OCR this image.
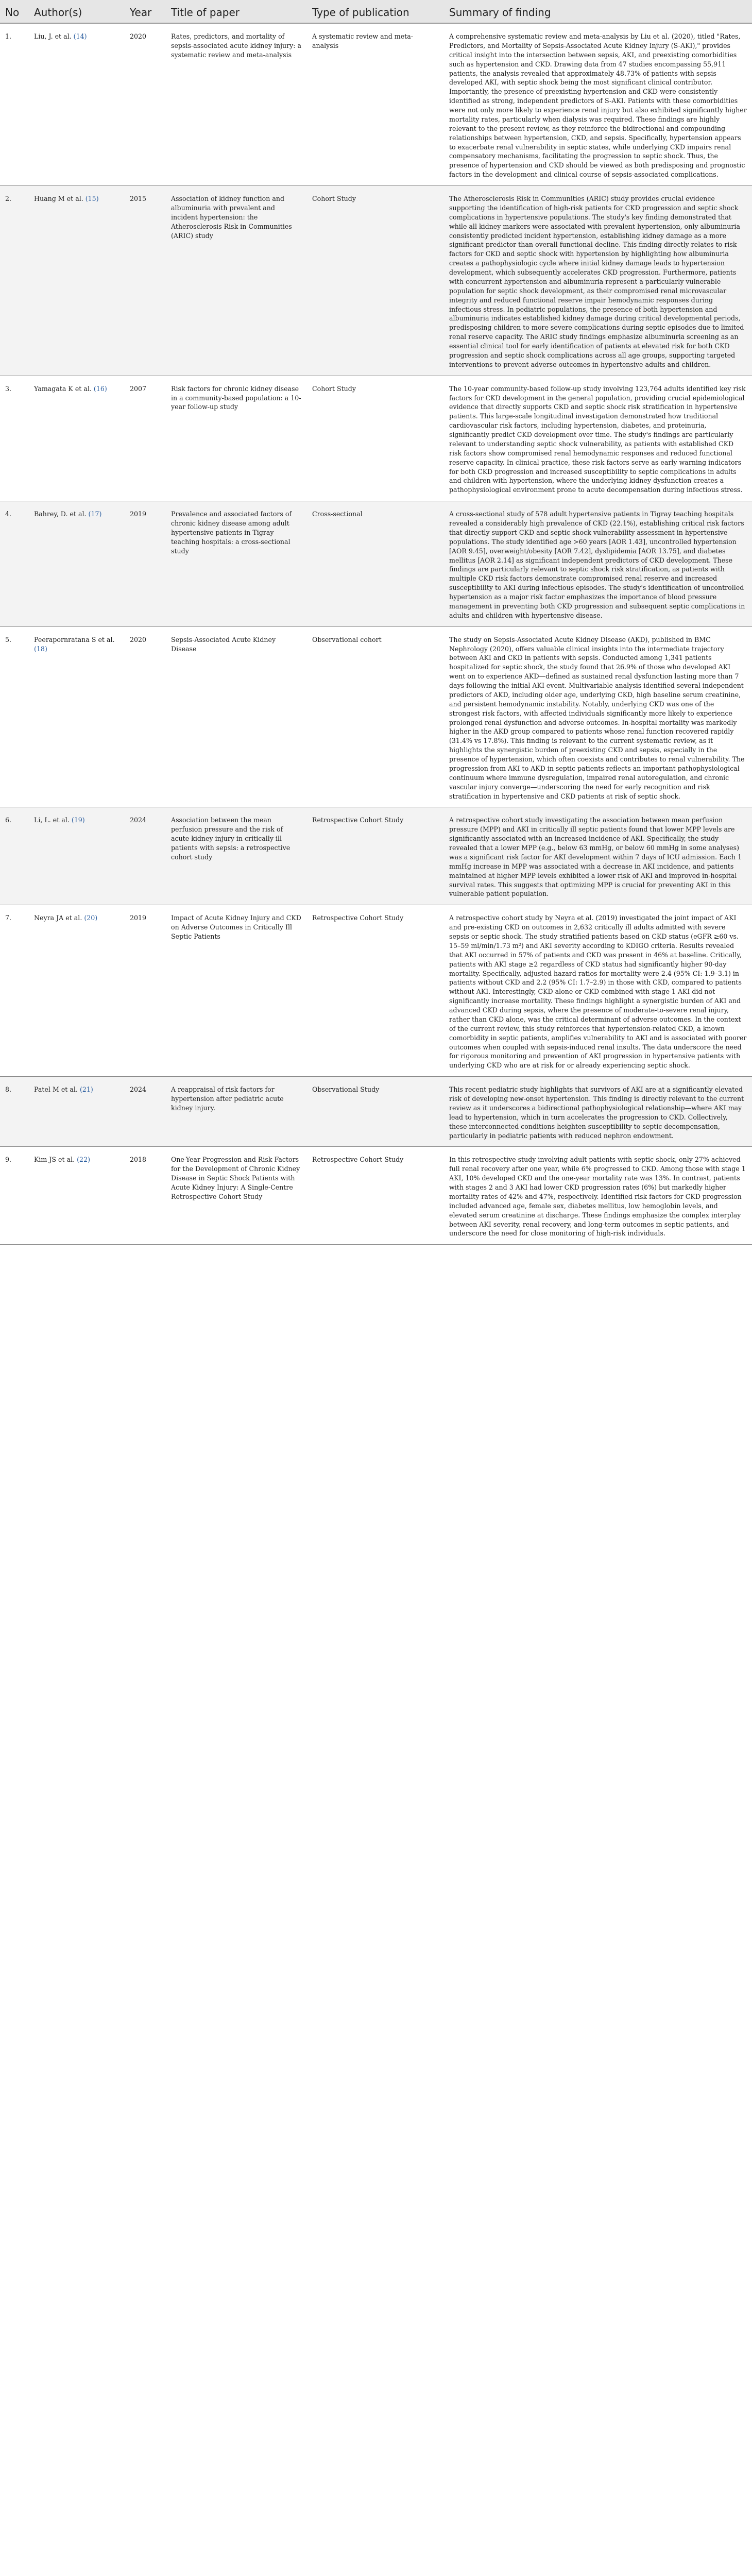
No	Author(s)	Year	Title of paper	Type of publication	Summary of finding
1.	Liu, J. et al. (14)	2020	Rates, predictors, and mortality of sepsis-associated acute kidney injury: a systematic review and meta-analysis	A systematic review and meta-analysis	A comprehensive systematic review and meta-analysis by Liu et al. (2020), titled "Rates, Predictors, and Mortality of Sepsis-Associated Acute Kidney Injury (S-AKI)," provides critical insight into the intersection between sepsis, AKI, and preexisting comorbidities such as hypertension and CKD. Drawing data from 47 studies encompassing 55,911 patients, the analysis revealed that approximately 48.73% of patients with sepsis developed AKI, with septic shock being the most significant clinical contributor. Importantly, the presence of preexisting hypertension and CKD were consistently identified as strong, independent predictors of S-AKI. Patients with these comorbidities were not only more likely to experience renal injury but also exhibited significantly higher mortality rates, particularly when dialysis was required. These findings are highly relevant to the present review, as they reinforce the bidirectional and compounding relationships between hypertension, CKD, and sepsis. Specifically, hypertension appears to exacerbate renal vulnerability in septic states, while underlying CKD impairs renal compensatory mechanisms, facilitating the progression to septic shock. Thus, the presence of hypertension and CKD should be viewed as both predisposing and prognostic factors in the development and clinical course of sepsis-associated complications.
2.	Huang M et al. (15)	2015	Association of kidney function and albuminuria with prevalent and incident hypertension: the Atherosclerosis Risk in Communities (ARIC) study	Cohort Study	The Atherosclerosis Risk in Communities (ARIC) study provides crucial evidence supporting the identification of high-risk patients for CKD progression and septic shock complications in hypertensive populations. The study's key finding demonstrated that while all kidney markers were associated with prevalent hypertension, only albuminuria consistently predicted incident hypertension, establishing kidney damage as a more significant predictor than overall functional decline. This finding directly relates to risk factors for CKD and septic shock with hypertension by highlighting how albuminuria creates a pathophysiologic cycle where initial kidney damage leads to hypertension development, which subsequently accelerates CKD progression. Furthermore, patients with concurrent hypertension and albuminuria represent a particularly vulnerable population for septic shock development, as their compromised renal microvascular integrity and reduced functional reserve impair hemodynamic responses during infectious stress. In pediatric populations, the presence of both hypertension and albuminuria indicates established kidney damage during critical developmental periods, predisposing children to more severe complications during septic episodes due to limited renal reserve capacity. The ARIC study findings emphasize albuminuria screening as an essential clinical tool for early identification of patients at elevated risk for both CKD progression and septic shock complications across all age groups, supporting targeted interventions to prevent adverse outcomes in hypertensive adults and children.
3.	Yamagata K et al. (16)	2007	Risk factors for chronic kidney disease in a community-based population: a 10-year follow-up study	Cohort Study	The 10-year community-based follow-up study involving 123,764 adults identified key risk factors for CKD development in the general population, providing crucial epidemiological evidence that directly supports CKD and septic shock risk stratification in hypertensive patients. This large-scale longitudinal investigation demonstrated how traditional cardiovascular risk factors, including hypertension, diabetes, and proteinuria, significantly predict CKD development over time. The study's findings are particularly relevant to understanding septic shock vulnerability, as patients with established CKD risk factors show compromised renal hemodynamic responses and reduced functional reserve capacity. In clinical practice, these risk factors serve as early warning indicators for both CKD progression and increased susceptibility to septic complications in adults and children with hypertension, where the underlying kidney dysfunction creates a pathophysiological environment prone to acute decompensation during infectious stress.
4.	Bahrey, D. et al. (17)	2019	Prevalence and associated factors of chronic kidney disease among adult hypertensive patients in Tigray teaching hospitals: a cross-sectional study	Cross-sectional	A cross-sectional study of 578 adult hypertensive patients in Tigray teaching hospitals revealed a considerably high prevalence of CKD (22.1%), establishing critical risk factors that directly support CKD and septic shock vulnerability assessment in hypertensive populations. The study identified age >60 years [AOR 1.43], uncontrolled hypertension [AOR 9.45], overweight/obesity [AOR 7.42], dyslipidemia [AOR 13.75], and diabetes mellitus [AOR 2.14] as significant independent predictors of CKD development. These findings are particularly relevant to septic shock risk stratification, as patients with multiple CKD risk factors demonstrate compromised renal reserve and increased susceptibility to AKI during infectious episodes. The study's identification of uncontrolled hypertension as a major risk factor emphasizes the importance of blood pressure management in preventing both CKD progression and subsequent septic complications in adults and children with hypertensive disease.
5.	Peerapornratana S et al. (18)	2020	Sepsis-Associated Acute Kidney Disease	Observational cohort	The study on Sepsis-Associated Acute Kidney Disease (AKD), published in BMC Nephrology (2020), offers valuable clinical insights into the intermediate trajectory between AKI and CKD in patients with sepsis. Conducted among 1,341 patients hospitalized for septic shock, the study found that 26.9% of those who developed AKI went on to experience AKD—defined as sustained renal dysfunction lasting more than 7 days following the initial AKI event. Multivariable analysis identified several independent predictors of AKD, including older age, underlying CKD, high baseline serum creatinine, and persistent hemodynamic instability. Notably, underlying CKD was one of the strongest risk factors, with affected individuals significantly more likely to experience prolonged renal dysfunction and adverse outcomes. In-hospital mortality was markedly higher in the AKD group compared to patients whose renal function recovered rapidly (31.4% vs 17.8%). This finding is relevant to the current systematic review, as it highlights the synergistic burden of preexisting CKD and sepsis, especially in the presence of hypertension, which often coexists and contributes to renal vulnerability. The progression from AKI to AKD in septic patients reflects an important pathophysiological continuum where immune dysregulation, impaired renal autoregulation, and chronic vascular injury converge—underscoring the need for early recognition and risk stratification in hypertensive and CKD patients at risk of septic shock.
6.	Li, L. et al. (19)	2024	Association between the mean perfusion pressure and the risk of acute kidney injury in critically ill patients with sepsis: a retrospective cohort study	Retrospective Cohort Study	A retrospective cohort study investigating the association between mean perfusion pressure (MPP) and AKI in critically ill septic patients found that lower MPP levels are significantly associated with an increased incidence of AKI. Specifically, the study revealed that a lower MPP (e.g., below 63 mmHg, or below 60 mmHg in some analyses) was a significant risk factor for AKI development within 7 days of ICU admission. Each 1 mmHg increase in MPP was associated with a decrease in AKI incidence, and patients maintained at higher MPP levels exhibited a lower risk of AKI and improved in-hospital survival rates. This suggests that optimizing MPP is crucial for preventing AKI in this vulnerable patient population.
7.	Neyra JA et al. (20)	2019	Impact of Acute Kidney Injury and CKD on Adverse Outcomes in Critically Ill Septic Patients	Retrospective Cohort Study	A retrospective cohort study by Neyra et al. (2019) investigated the joint impact of AKI and pre-existing CKD on outcomes in 2,632 critically ill adults admitted with severe sepsis or septic shock. The study stratified patients based on CKD status (eGFR ≥60 vs. 15–59 ml/min/1.73 m²) and AKI severity according to KDIGO criteria. Results revealed that AKI occurred in 57% of patients and CKD was present in 46% at baseline. Critically, patients with AKI stage ≥2 regardless of CKD status had significantly higher 90-day mortality. Specifically, adjusted hazard ratios for mortality were 2.4 (95% CI: 1.9–3.1) in patients without CKD and 2.2 (95% CI: 1.7–2.9) in those with CKD, compared to patients without AKI. Interestingly, CKD alone or CKD combined with stage 1 AKI did not significantly increase mortality. These findings highlight a synergistic burden of AKI and advanced CKD during sepsis, where the presence of moderate-to-severe renal injury, rather than CKD alone, was the critical determinant of adverse outcomes. In the context of the current review, this study reinforces that hypertension-related CKD, a known comorbidity in septic patients, amplifies vulnerability to AKI and is associated with poorer outcomes when coupled with sepsis-induced renal insults. The data underscore the need for rigorous monitoring and prevention of AKI progression in hypertensive patients with underlying CKD who are at risk for or already experiencing septic shock.
8.	Patel M et al. (21)	2024	A reappraisal of risk factors for hypertension after pediatric acute kidney injury.	Observational Study	This recent pediatric study highlights that survivors of AKI are at a significantly elevated risk of developing new-onset hypertension. This finding is directly relevant to the current review as it underscores a bidirectional pathophysiological relationship—where AKI may lead to hypertension, which in turn accelerates the progression to CKD. Collectively, these interconnected conditions heighten susceptibility to septic decompensation, particularly in pediatric patients with reduced nephron endowment.
9.	Kim JS et al. (22)	2018	One-Year Progression and Risk Factors for the Development of Chronic Kidney Disease in Septic Shock Patients with Acute Kidney Injury: A Single-Centre Retrospective Cohort Study	Retrospective Cohort Study	In this retrospective study involving adult patients with septic shock, only 27% achieved full renal recovery after one year, while 6% progressed to CKD. Among those with stage 1 AKI, 10% developed CKD and the one-year mortality rate was 13%. In contrast, patients with stages 2 and 3 AKI had lower CKD progression rates (6%) but markedly higher mortality rates of 42% and 47%, respectively. Identified risk factors for CKD progression included advanced age, female sex, diabetes mellitus, low hemoglobin levels, and elevated serum creatinine at discharge. These findings emphasize the complex interplay between AKI severity, renal recovery, and long-term outcomes in septic patients, and underscore the need for close monitoring of high-risk individuals.
